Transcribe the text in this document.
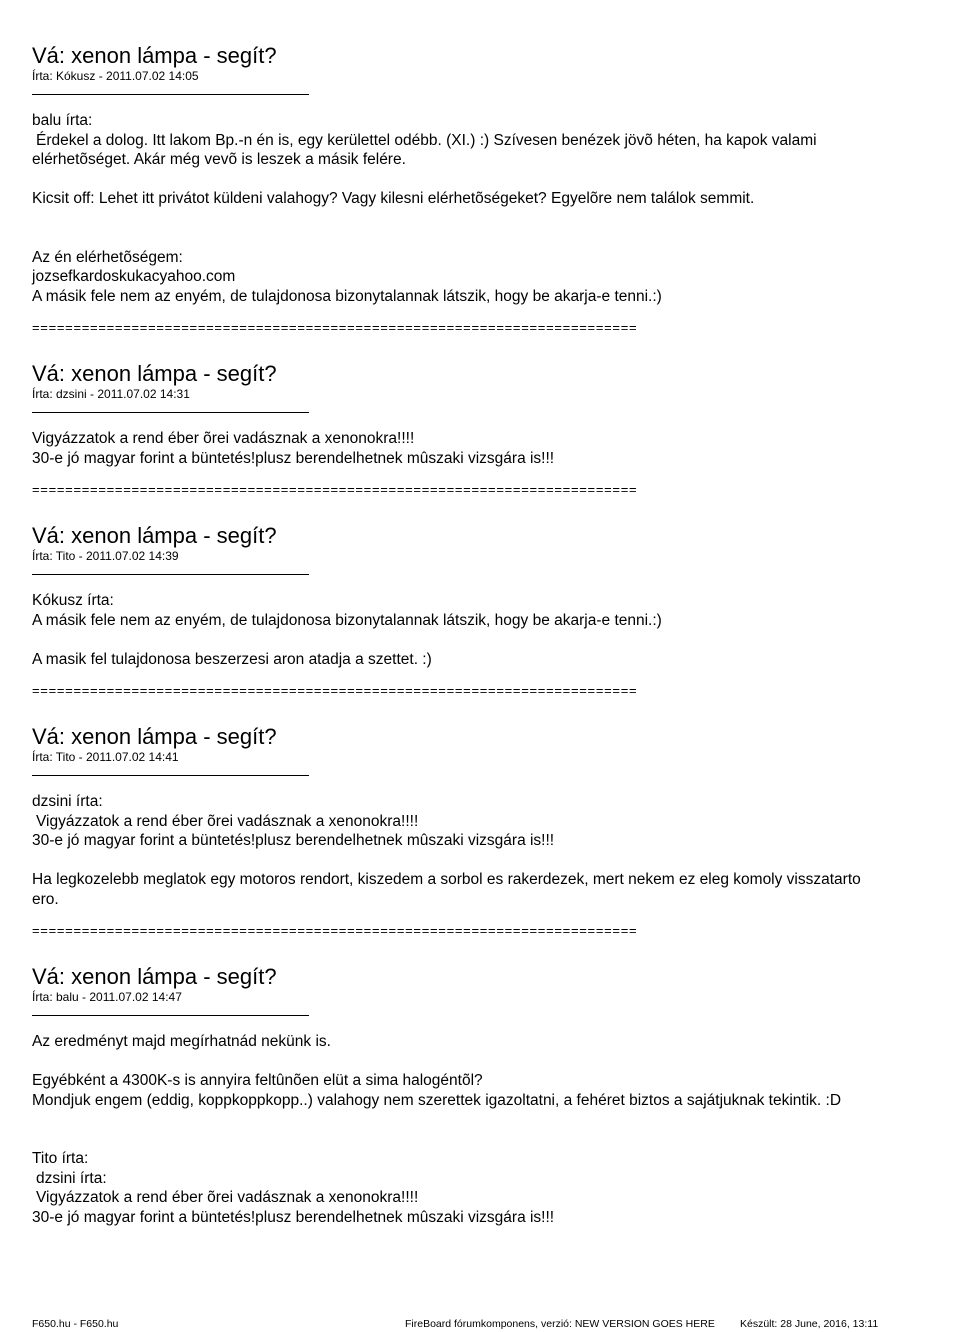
Vá: xenon lámpa - segít?
Írta: Kókusz - 2011.07.02 14:05
balu írta:
Érdekel a dolog. Itt lakom Bp.-n én is, egy kerülettel odébb. (XI.) :) Szívesen benézek jövõ héten, ha kapok valami
elérhetõséget. Akár még vevõ is leszek a másik felére.
Kicsit off: Lehet itt privátot küldeni valahogy? Vagy kilesni elérhetõségeket? Egyelõre nem találok semmit.
Az én elérhetõségem:
jozsefkardoskukacyahoo.com
A másik fele nem az enyém, de tulajdonosa bizonytalannak látszik, hogy be akarja-e tenni.:)
=========================================================================
Vá: xenon lámpa - segít?
Írta: dzsini - 2011.07.02 14:31
Vigyázzatok a rend éber õrei vadásznak a xenonokra!!!!
30-e jó magyar forint a büntetés!plusz berendelhetnek mûszaki vizsgára is!!!
=========================================================================
Vá: xenon lámpa - segít?
Írta: Tito - 2011.07.02 14:39
Kókusz írta:
A másik fele nem az enyém, de tulajdonosa bizonytalannak látszik, hogy be akarja-e tenni.:)
A masik fel tulajdonosa beszerzesi aron atadja a szettet. :)
=========================================================================
Vá: xenon lámpa - segít?
Írta: Tito - 2011.07.02 14:41
dzsini írta:
Vigyázzatok a rend éber õrei vadásznak a xenonokra!!!!
30-e jó magyar forint a büntetés!plusz berendelhetnek mûszaki vizsgára is!!!
Ha legkozelebb meglatok egy motoros rendort, kiszedem a sorbol es rakerdezek, mert nekem ez eleg komoly visszatarto
ero.
=========================================================================
Vá: xenon lámpa - segít?
Írta: balu - 2011.07.02 14:47
Az eredményt majd megírhatnád nekünk is.
Egyébként a 4300K-s is annyira feltûnõen elüt a sima halogéntõl?
Mondjuk engem (eddig, koppkoppkopp..) valahogy nem szerettek igazoltatni, a fehéret biztos a sajátjuknak tekintik. :D
Tito írta:
dzsini írta:
Vigyázzatok a rend éber õrei vadásznak a xenonokra!!!!
30-e jó magyar forint a büntetés!plusz berendelhetnek mûszaki vizsgára is!!!
F650.hu - F650.hu	FireBoard fórumkomponens, verzió: NEW VERSION GOES HERE Készült: 28 June, 2016, 13:11
